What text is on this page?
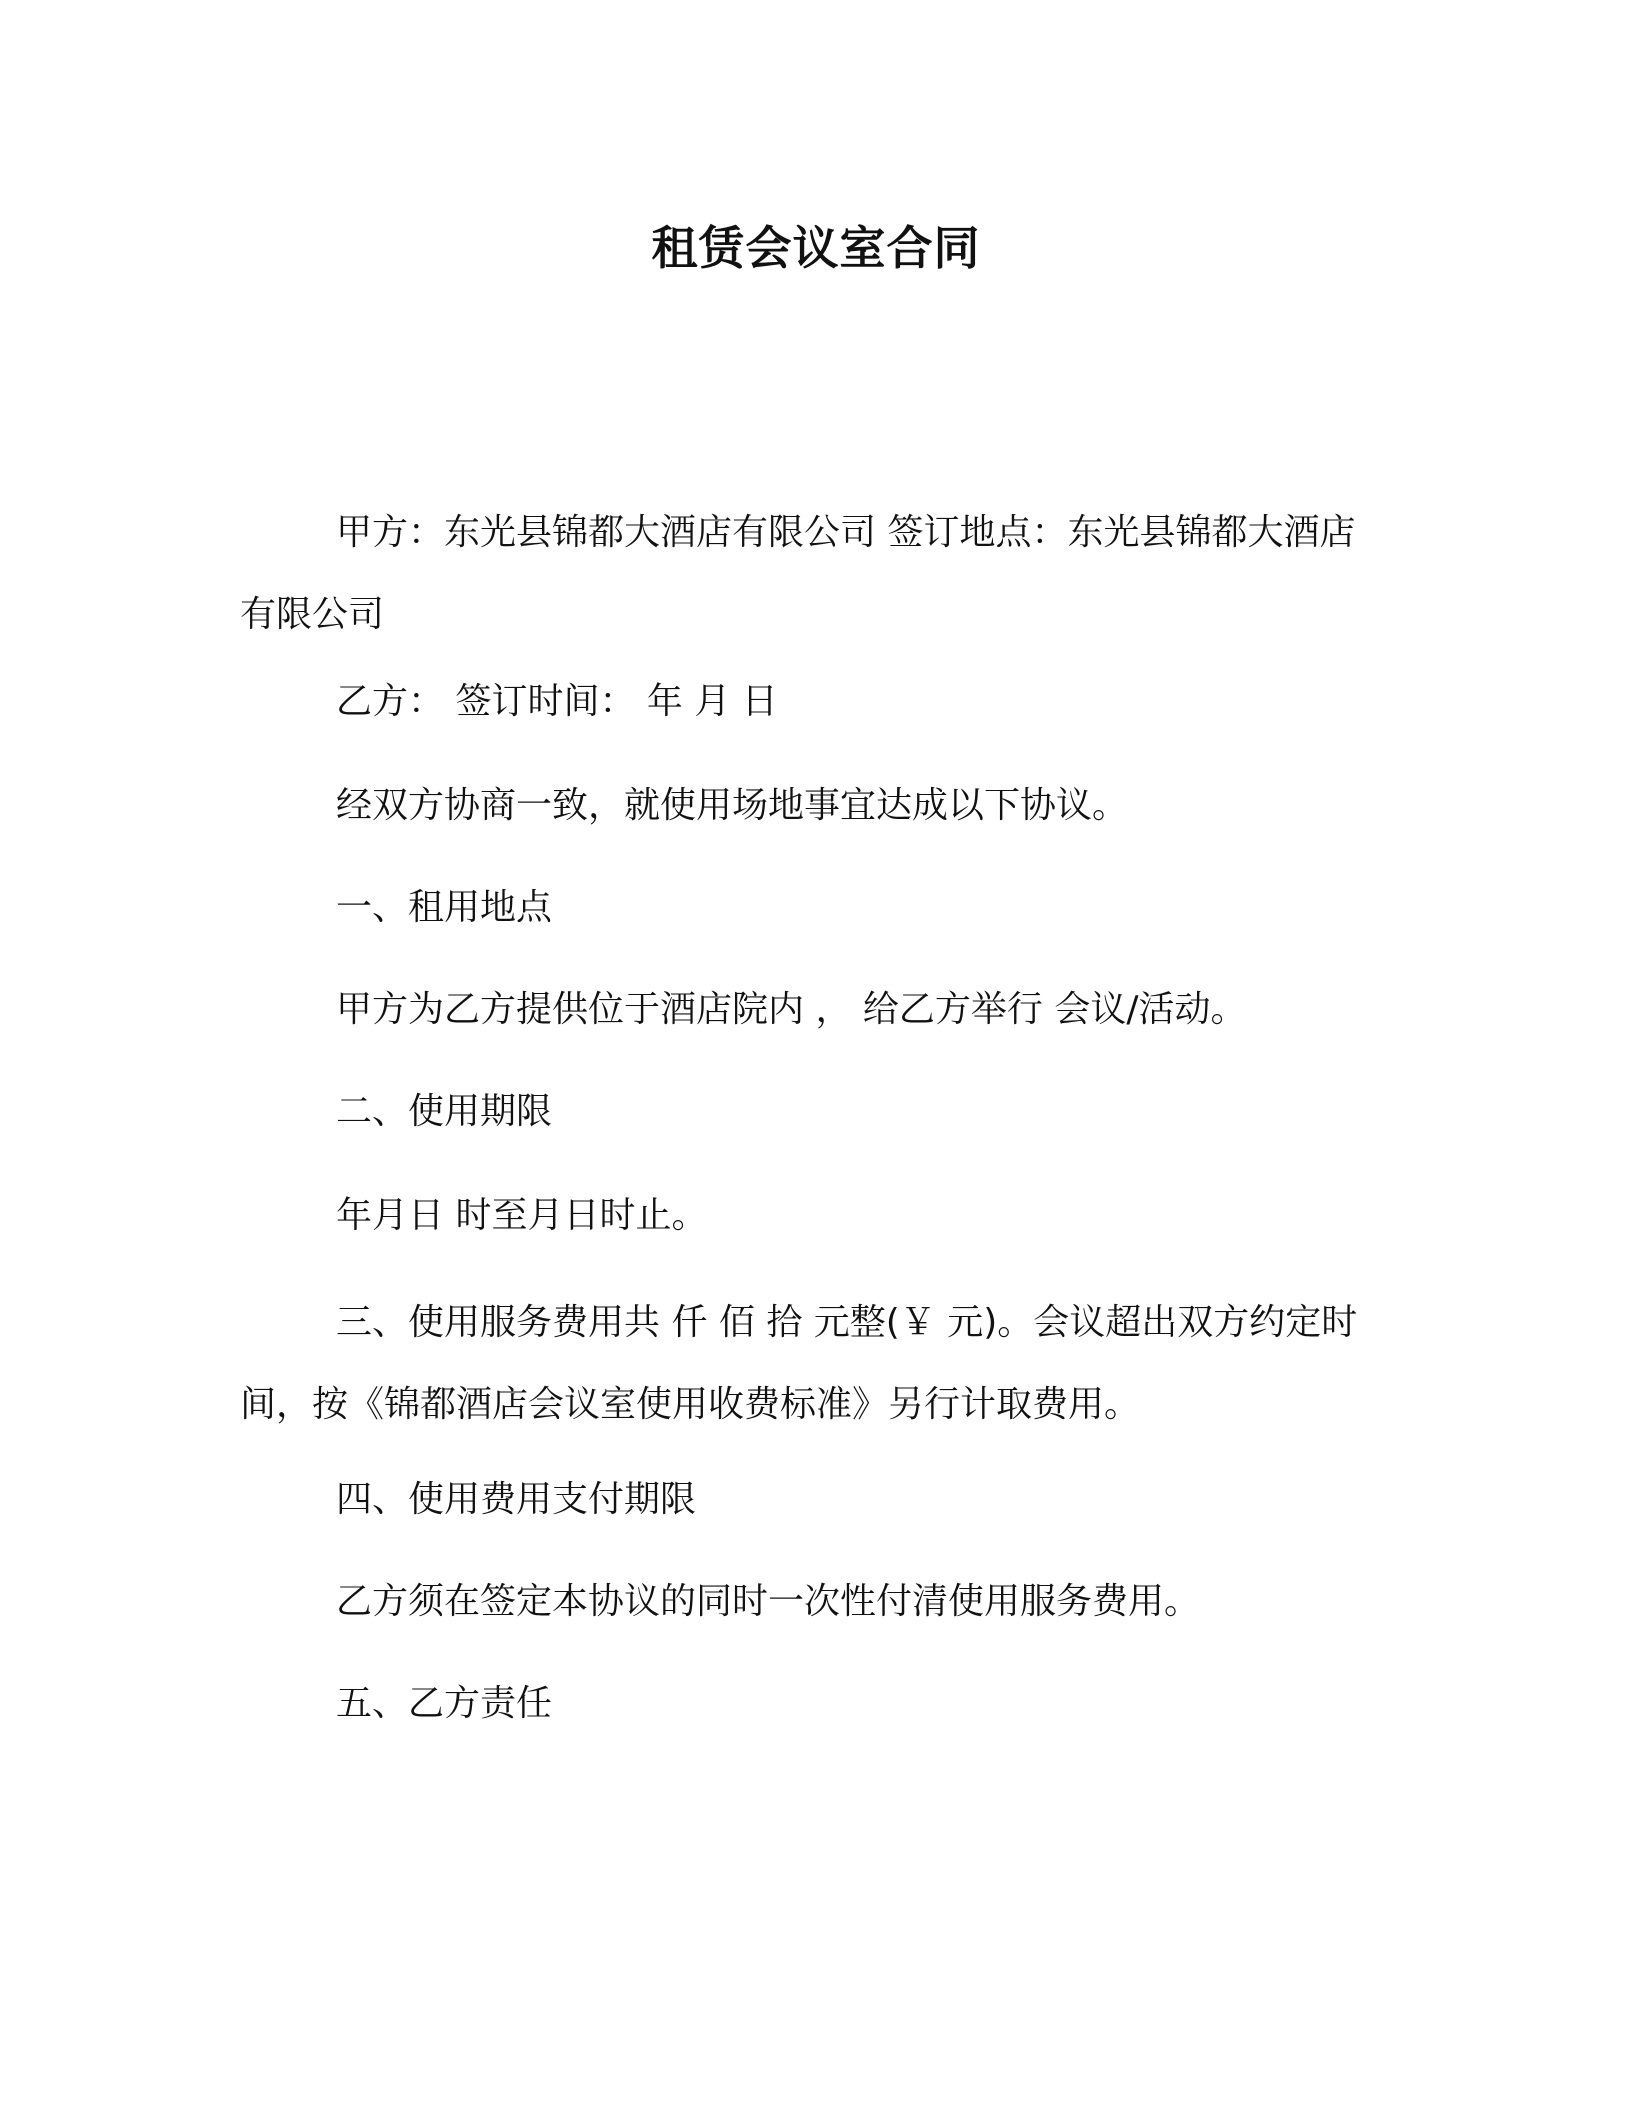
租赁会议室合同
甲方：东光县锦都大酒店有限公司 签订地点：东光县锦都大酒店有限公司
乙方： 签订时间： 年 月 日
经双方协商一致，就使用场地事宜达成以下协议。
一、租用地点
甲方为乙方提供位于酒店院内 ， 给乙方举行 会议/活动。
二、使用期限
年月日 时至月日时止。
三、使用服务费用共 仟 佰 拾 元整(￥ 元)。会议超出双方约定时间，按《锦都酒店会议室使用收费标准》另行计取费用。
四、使用费用支付期限
乙方须在签定本协议的同时一次性付清使用服务费用。
五、乙方责任
